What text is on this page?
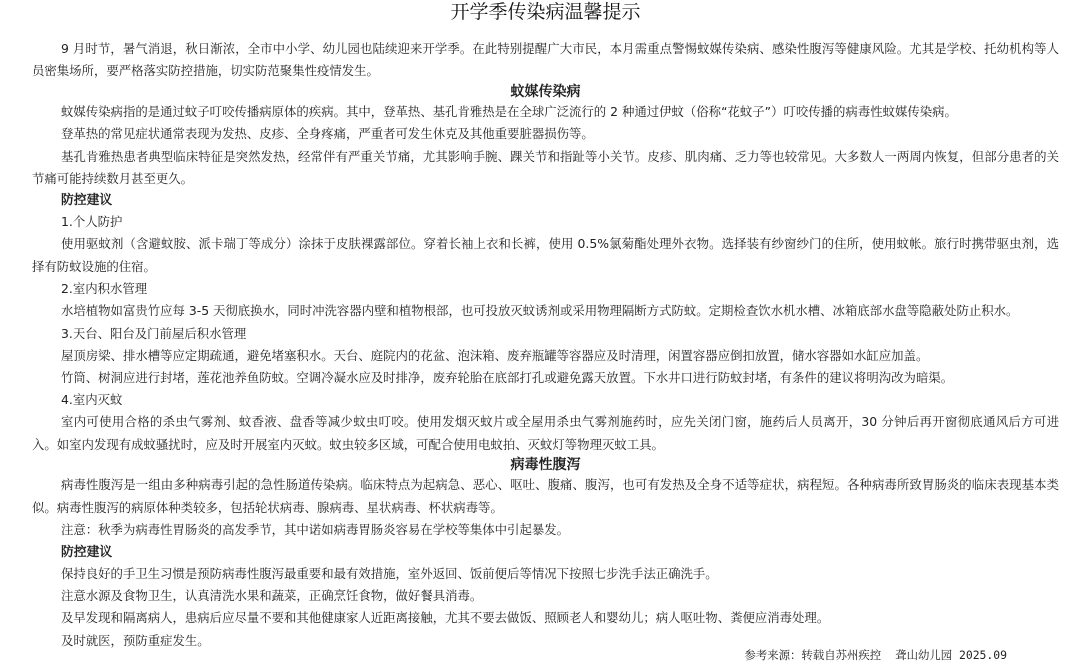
开学季传染病温馨提示

9 月时节，暑气消退，秋日渐浓，全市中小学、幼儿园也陆续迎来开学季。在此特别提醒广大市民，本月需重点警惕蚊媒传染病、感染性腹泻等健康风险。尤其是学校、托幼机构等人员密集场所，要严格落实防控措施，切实防范聚集性疫情发生。

蚊媒传染病

蚊媒传染病指的是通过蚊子叮咬传播病原体的疾病。其中，登革热、基孔肯雅热是在全球广泛流行的 2 种通过伊蚊（俗称“花蚊子”）叮咬传播的病毒性蚊媒传染病。

登革热的常见症状通常表现为发热、皮疹、全身疼痛，严重者可发生休克及其他重要脏器损伤等。

基孔肯雅热患者典型临床特征是突然发热，经常伴有严重关节痛，尤其影响手腕、踝关节和指趾等小关节。皮疹、肌肉痛、乏力等也较常见。大多数人一两周内恢复，但部分患者的关节痛可能持续数月甚至更久。

防控建议
1.个人防护

使用驱蚊剂（含避蚊胺、派卡瑞丁等成分）涂抹于皮肤裸露部位。穿着长袖上衣和长裤，使用 0.5%氯菊酯处理外衣物。选择装有纱窗纱门的住所，使用蚊帐。旅行时携带驱虫剂，选择有防蚊设施的住宿。

2.室内积水管理

水培植物如富贵竹应每 3-5 天彻底换水，同时冲洗容器内壁和植物根部，也可投放灭蚊诱剂或采用物理隔断方式防蚊。定期检查饮水机水槽、冰箱底部水盘等隐蔽处防止积水。

3.天台、阳台及门前屋后积水管理

屋顶房梁、排水槽等应定期疏通，避免堵塞积水。天台、庭院内的花盆、泡沫箱、废弃瓶罐等容器应及时清理，闲置容器应倒扣放置，储水容器如水缸应加盖。

竹筒、树洞应进行封堵，莲花池养鱼防蚊。空调冷凝水应及时排净，废弃轮胎在底部打孔或避免露天放置。下水井口进行防蚊封堵，有条件的建议将明沟改为暗渠。

4.室内灭蚊

室内可使用合格的杀虫气雾剂、蚊香液、盘香等减少蚊虫叮咬。使用发烟灭蚊片或全屋用杀虫气雾剂施药时，应先关闭门窗，施药后人员离开，30 分钟后再开窗彻底通风后方可进入。如室内发现有成蚊骚扰时，应及时开展室内灭蚊。蚊虫较多区域，可配合使用电蚊拍、灭蚊灯等物理灭蚊工具。

病毒性腹泻

病毒性腹泻是一组由多种病毒引起的急性肠道传染病。临床特点为起病急、恶心、呕吐、腹痛、腹泻，也可有发热及全身不适等症状，病程短。各种病毒所致胃肠炎的临床表现基本类似。病毒性腹泻的病原体种类较多，包括轮状病毒、腺病毒、星状病毒、杯状病毒等。

注意：秋季为病毒性胃肠炎的高发季节，其中诺如病毒胃肠炎容易在学校等集体中引起暴发。

防控建议

保持良好的手卫生习惯是预防病毒性腹泻最重要和最有效措施，室外返回、饭前便后等情况下按照七步洗手法正确洗手。

注意水源及食物卫生，认真清洗水果和蔬菜，正确烹饪食物，做好餐具消毒。

及早发现和隔离病人，患病后应尽量不要和其他健康家人近距离接触，尤其不要去做饭、照顾老人和婴幼儿；病人呕吐物、粪便应消毒处理。

及时就医，预防重症发生。

参考来源：转载自苏州疾控 聋山幼儿园 2025.09
